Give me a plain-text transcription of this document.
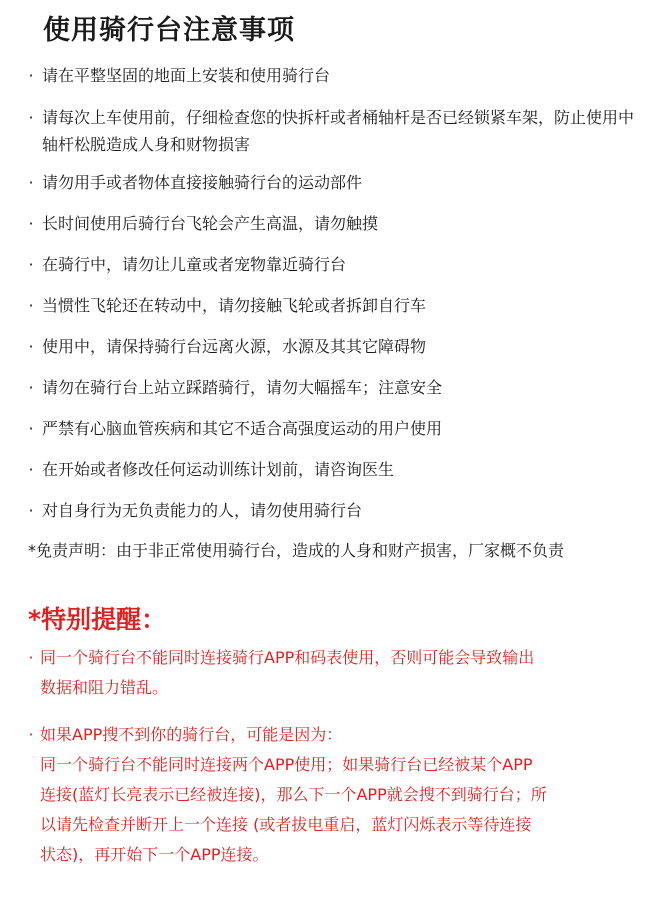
使用骑行台注意事项
· 请在平整坚固的地面上安装和使用骑行台
· 请每次上车使用前，仔细检查您的快拆杆或者桶轴杆是否已经锁紧车架，防止使用中轴杆松脱造成人身和财物损害
· 请勿用手或者物体直接接触骑行台的运动部件
· 长时间使用后骑行台飞轮会产生高温，请勿触摸
· 在骑行中，请勿让儿童或者宠物靠近骑行台
· 当惯性飞轮还在转动中，请勿接触飞轮或者拆卸自行车
· 使用中，请保持骑行台远离火源，水源及其其它障碍物
· 请勿在骑行台上站立踩踏骑行，请勿大幅摇车；注意安全
· 严禁有心脑血管疾病和其它不适合高强度运动的用户使用
· 在开始或者修改任何运动训练计划前，请咨询医生
· 对自身行为无负责能力的人，请勿使用骑行台
*免责声明：由于非正常使用骑行台，造成的人身和财产损害，厂家概不负责
*特别提醒：
· 同一个骑行台不能同时连接骑行APP和码表使用，否则可能会导致输出
数据和阻力错乱。
· 如果APP搜不到你的骑行台，可能是因为：
同一个骑行台不能同时连接两个APP使用；如果骑行台已经被某个APP
连接(蓝灯长亮表示已经被连接)，那么下一个APP就会搜不到骑行台；所
以请先检查并断开上一个连接 (或者拔电重启，蓝灯闪烁表示等待连接
状态)，再开始下一个APP连接。
